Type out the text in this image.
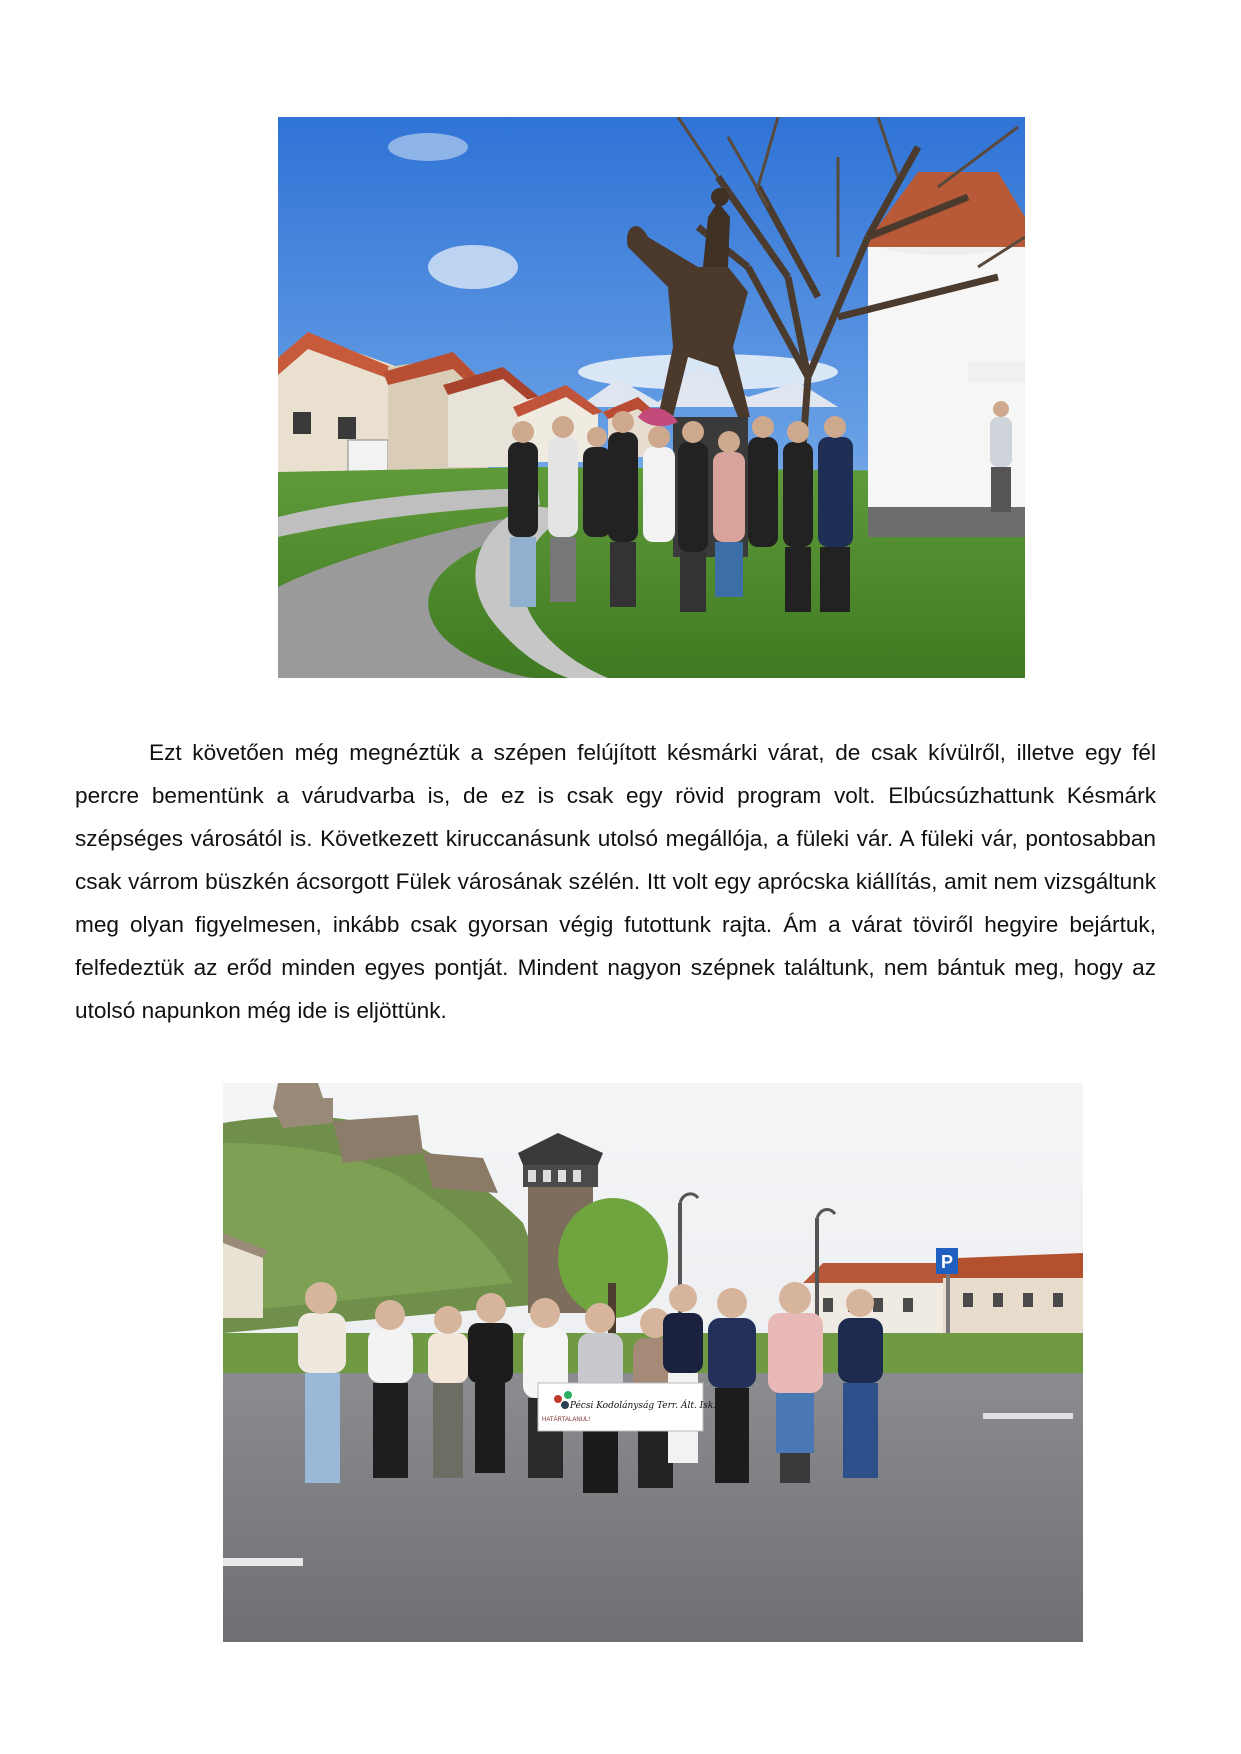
Ezt követően még megnéztük a szépen felújított késmárki várat, de csak kívülről, illetve egy fél percre bementünk a várudvarba is, de ez is csak egy rövid program volt. Elbúcsúzhattunk Késmárk szépséges városától is. Következett kiruccanásunk utolsó megállója, a füleki vár. A füleki vár, pontosabban csak várrom büszkén ácsorgott Fülek városának szélén. Itt volt egy aprócska kiállítás, amit nem vizsgáltunk meg olyan figyelmesen, inkább csak gyorsan végig futottunk rajta. Ám a várat töviről hegyire bejártuk, felfedeztük az erőd minden egyes pontját. Mindent nagyon szépnek találtunk, nem bántuk meg, hogy az utolsó napunkon még ide is eljöttünk.

P
HATÁRTALANUL!
Pécsi Kodolányság Terr. Ált. Isk.
